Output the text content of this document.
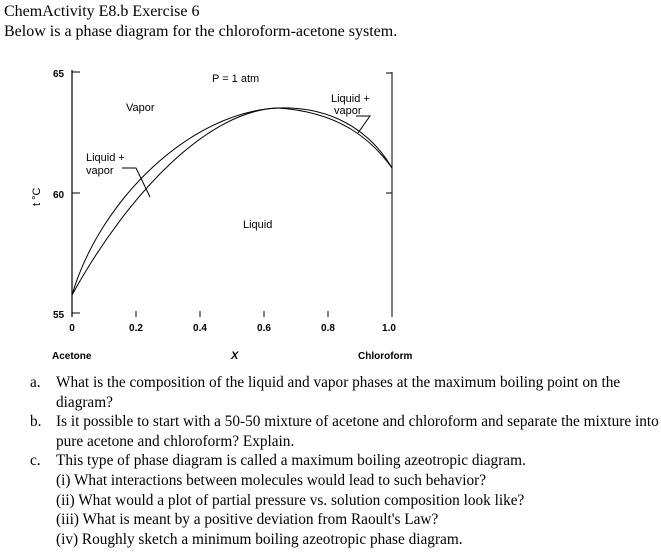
ChemActivity E8.b Exercise 6
Below is a phase diagram for the chloroform-acetone system.
P = 1 atm
Vapor
Liquid
Liquid +
vapor
Liquid +
vapor
t °C
65
60
55
0	0.2	0.4	0.6	0.8	1.0
Acetone	X	Chloroform
a.	What is the composition of the liquid and vapor phases at the maximum boiling point on the diagram?
b. Is it possible to start with a 50-50 mixture of acetone and chloroform and separate the mixture into pure acetone and chloroform? Explain.
c.	This type of phase diagram is called a maximum boiling azeotropic diagram.
(i) What interactions between molecules would lead to such behavior?
(ii) What would a plot of partial pressure vs. solution composition look like?
(iii) What is meant by a positive deviation from Raoult's Law?
(iv) Roughly sketch a minimum boiling azeotropic phase diagram.
